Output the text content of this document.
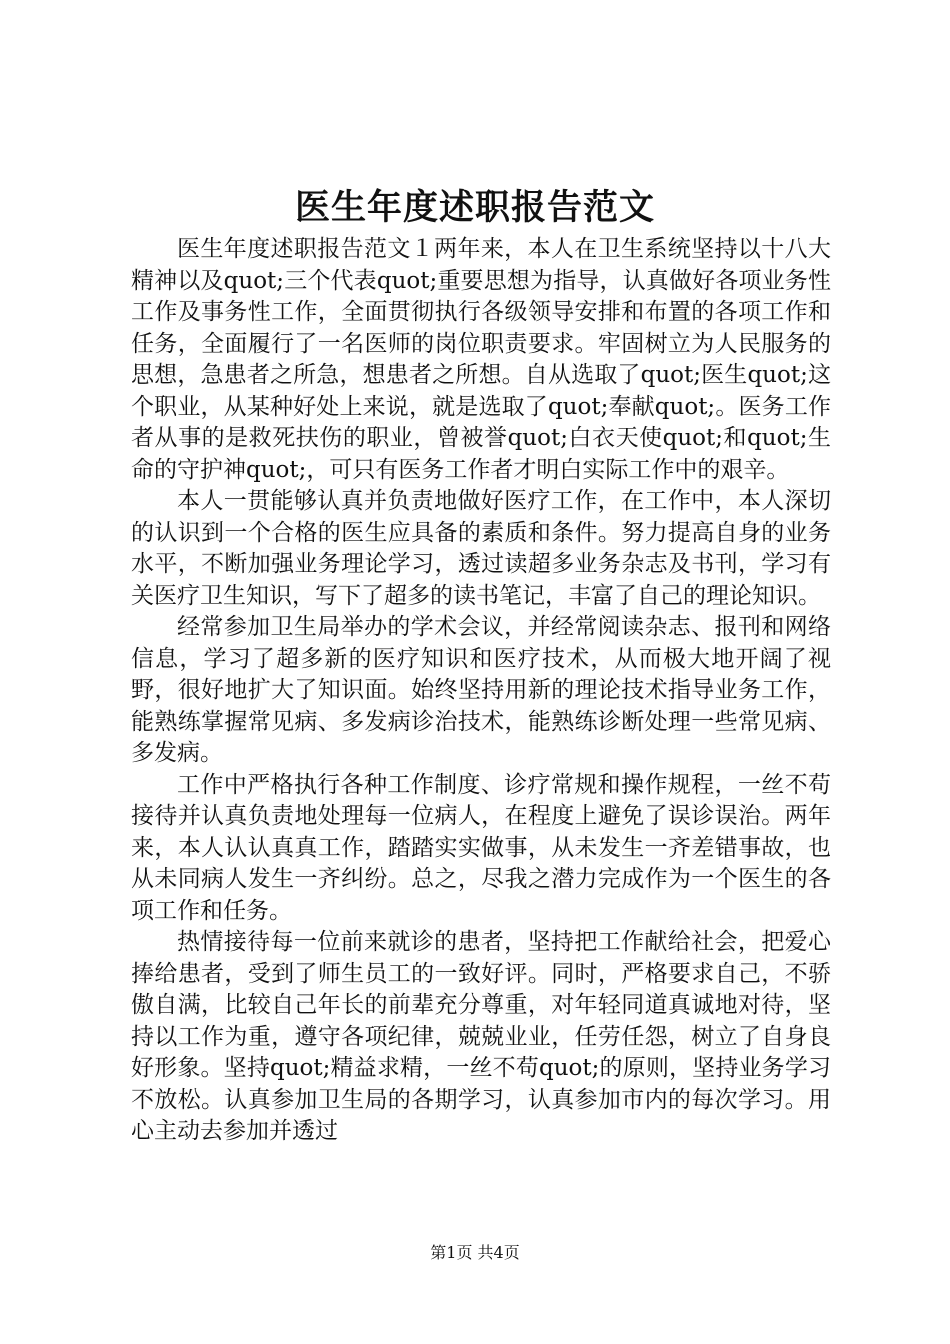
医生年度述职报告范文

医生年度述职报告范文１两年来，本人在卫生系统坚持以十八大精神以及quot;三个代表quot;重要思想为指导，认真做好各项业务性工作及事务性工作，全面贯彻执行各级领导安排和布置的各项工作和任务，全面履行了一名医师的岗位职责要求。牢固树立为人民服务的思想，急患者之所急，想患者之所想。自从选取了quot;医生quot;这个职业，从某种好处上来说，就是选取了quot;奉献quot;。医务工作者从事的是救死扶伤的职业，曾被誉quot;白衣天使quot;和quot;生命的守护神quot;，可只有医务工作者才明白实际工作中的艰辛。

本人一贯能够认真并负责地做好医疗工作，在工作中，本人深切的认识到一个合格的医生应具备的素质和条件。努力提高自身的业务水平，不断加强业务理论学习，透过读超多业务杂志及书刊，学习有关医疗卫生知识，写下了超多的读书笔记，丰富了自己的理论知识。

经常参加卫生局举办的学术会议，并经常阅读杂志、报刊和网络信息，学习了超多新的医疗知识和医疗技术，从而极大地开阔了视野，很好地扩大了知识面。始终坚持用新的理论技术指导业务工作，能熟练掌握常见病、多发病诊治技术，能熟练诊断处理一些常见病、多发病。

工作中严格执行各种工作制度、诊疗常规和操作规程，一丝不苟接待并认真负责地处理每一位病人，在程度上避免了误诊误治。两年来，本人认认真真工作，踏踏实实做事，从未发生一齐差错事故，也从未同病人发生一齐纠纷。总之，尽我之潜力完成作为一个医生的各项工作和任务。

热情接待每一位前来就诊的患者，坚持把工作献给社会，把爱心捧给患者，受到了师生员工的一致好评。同时，严格要求自己，不骄傲自满，比较自己年长的前辈充分尊重，对年轻同道真诚地对待，坚持以工作为重，遵守各项纪律，兢兢业业，任劳任怨，树立了自身良好形象。坚持quot;精益求精，一丝不苟quot;的原则，坚持业务学习不放松。认真参加卫生局的各期学习，认真参加市内的每次学习。用心主动去参加并透过

第1页 共4页
